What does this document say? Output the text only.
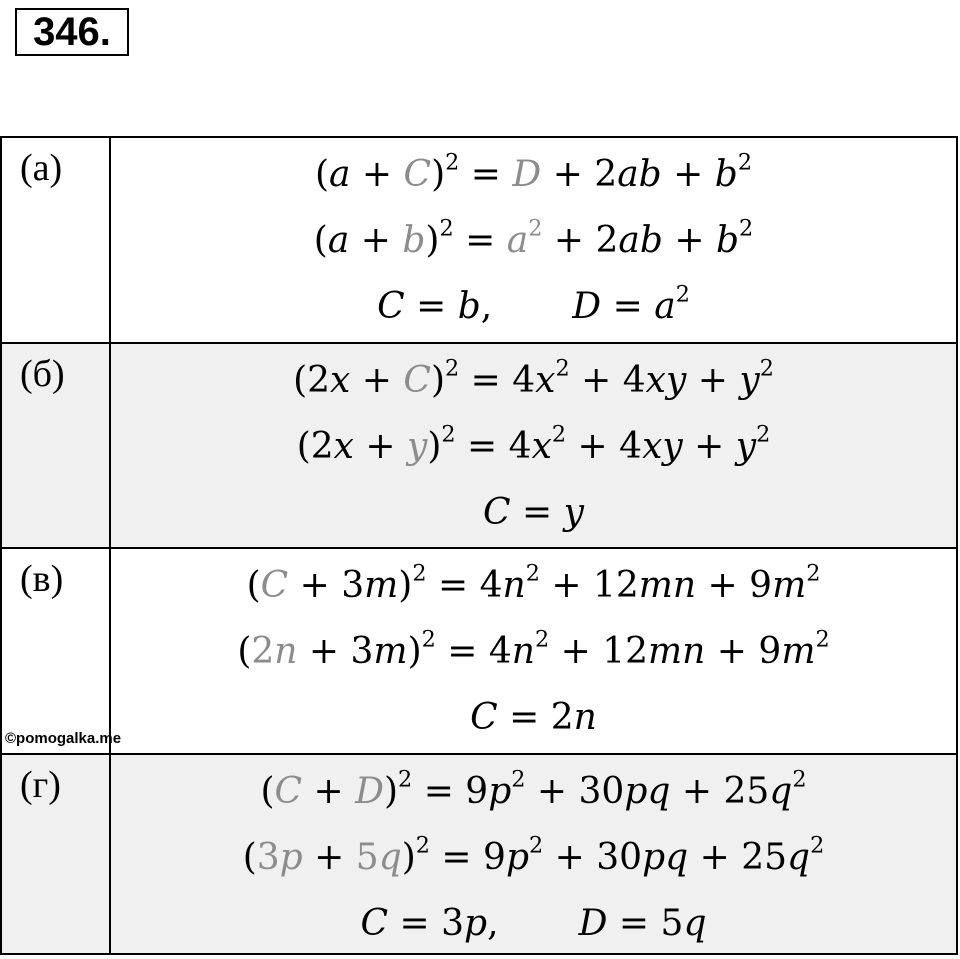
346.
(а)	$(a + C)^2 = D + 2ab + b^2$
$(a + b)^2 = a^2 + 2ab + b^2$
C = b,       $D = a^2$
(б)	$(2x + C)^2 = 4x^2 + 4xy + y^2$
$(2x + y)^2 = 4x^2 + 4xy + y^2$
C = y
(в)	$(C + 3m)^2 = 4n^2 + 12mn + 9m^2$
$(2n + 3m)^2 = 4n^2 + 12mn + 9m^2$
C = 2n
©pomogalka.me
(г)	$(C + D)^2 = 9p^2 + 30pq + 25q^2$
$(3p + 5q)^2 = 9p^2 + 30pq + 25q^2$
C = 3p,       D = 5q
